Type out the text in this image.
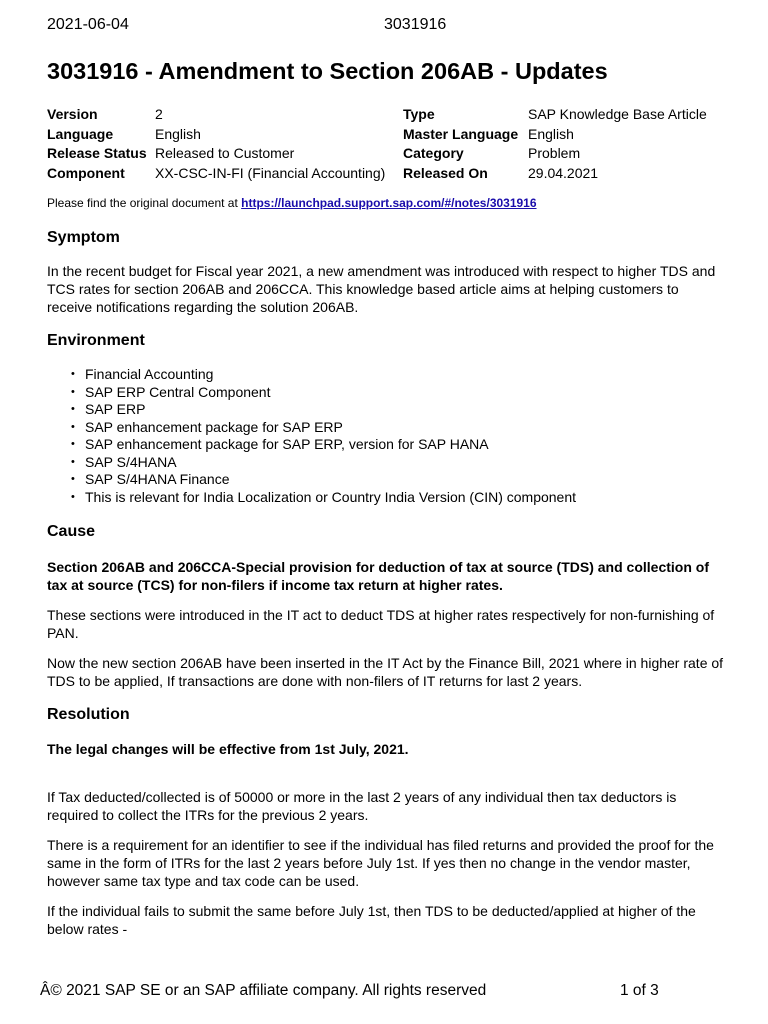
2021-06-04	3031916
3031916 - Amendment to Section 206AB - Updates
Version	2	Type	SAP Knowledge Base Article
Language	English	Master Language	English
Release Status	Released to Customer	Category	Problem
Component	XX-CSC-IN-FI (Financial Accounting)	Released On	29.04.2021
Please find the original document at https://launchpad.support.sap.com/#/notes/3031916
Symptom

In the recent budget for Fiscal year 2021, a new amendment was introduced with respect to higher TDS and TCS rates for section 206AB and 206CCA. This knowledge based article aims at helping customers to receive notifications regarding the solution 206AB.

Environment
• Financial Accounting
• SAP ERP Central Component
• SAP ERP
• SAP enhancement package for SAP ERP
• SAP enhancement package for SAP ERP, version for SAP HANA
• SAP S/4HANA
• SAP S/4HANA Finance
• This is relevant for India Localization or Country India Version (CIN) component
Cause

Section 206AB and 206CCA-Special provision for deduction of tax at source (TDS) and collection of tax at source (TCS) for non-filers if income tax return at higher rates.

These sections were introduced in the IT act to deduct TDS at higher rates respectively for non-furnishing of PAN.

Now the new section 206AB have been inserted in the IT Act by the Finance Bill, 2021 where in higher rate of TDS to be applied, If transactions are done with non-filers of IT returns for last 2 years.

Resolution

The legal changes will be effective from 1st July, 2021.

If Tax deducted/collected is of 50000 or more in the last 2 years of any individual then tax deductors is required to collect the ITRs for the previous 2 years.

There is a requirement for an identifier to see if the individual has filed returns and provided the proof for the same in the form of ITRs for the last 2 years before July 1st. If yes then no change in the vendor master, however same tax type and tax code can be used.

If the individual fails to submit the same before July 1st, then TDS to be deducted/applied at higher of the below rates -

Â© 2021 SAP SE or an SAP affiliate company. All rights reserved	1 of 3
